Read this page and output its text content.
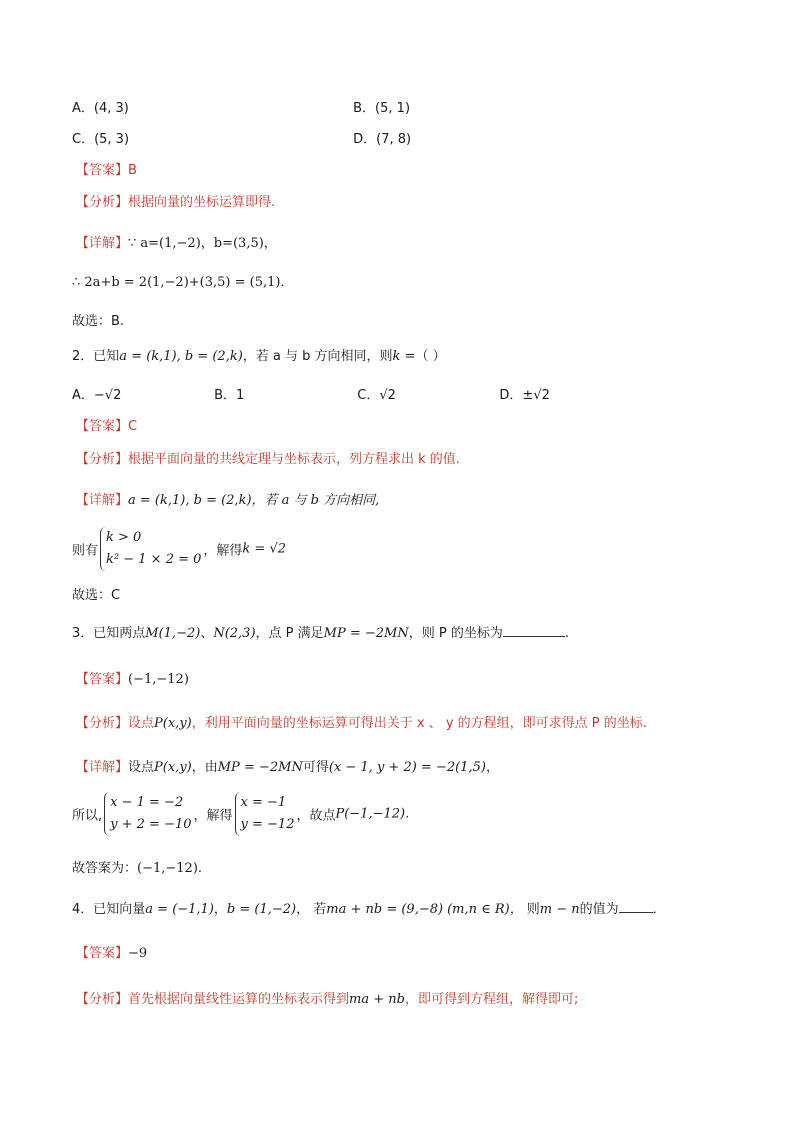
A．(4, 3)	B．(5, 1)
C．(5, 3)	D．(7, 8)
【答案】B
【分析】根据向量的坐标运算即得.
【详解】∵ a=(1,−2)，b=(3,5)，
∴ 2a+b = 2(1,−2)+(3,5) = (5,1)．
故选：B.
2．已知a = (k,1), b = (2,k)，若 a 与 b 方向相同，则k =（ ）
A．−√2	B．1	C．√2	D．±√2
【答案】C
【分析】根据平面向量的共线定理与坐标表示，列方程求出 k 的值．
【详解】a = (k,1), b = (2,k)，若 a 与 b 方向相同,
则有
k > 0
k² − 1 × 2 = 0
，解得k = √2
故选：C
3．已知两点M(1,−2)、N(2,3)，点 P 满足MP = −2MN，则 P 的坐标为	.
【答案】(−1,−12)
【分析】设点P(x,y)，利用平面向量的坐标运算可得出关于 x 、 y 的方程组，即可求得点 P 的坐标.
【详解】设点P(x,y)，由MP = −2MN可得(x − 1, y + 2) = −2(1,5)，
所以,
x − 1 = −2
y + 2 = −10
，解得
x = −1
y = −12
，故点P(−1,−12).
故答案为：(−1,−12).
4．已知向量a = (−1,1)，b = (1,−2)， 若ma + nb = (9,−8) (m,n ∈ R)， 则m − n的值为	．
【答案】−9
【分析】首先根据向量线性运算的坐标表示得到ma + nb，即可得到方程组，解得即可;
